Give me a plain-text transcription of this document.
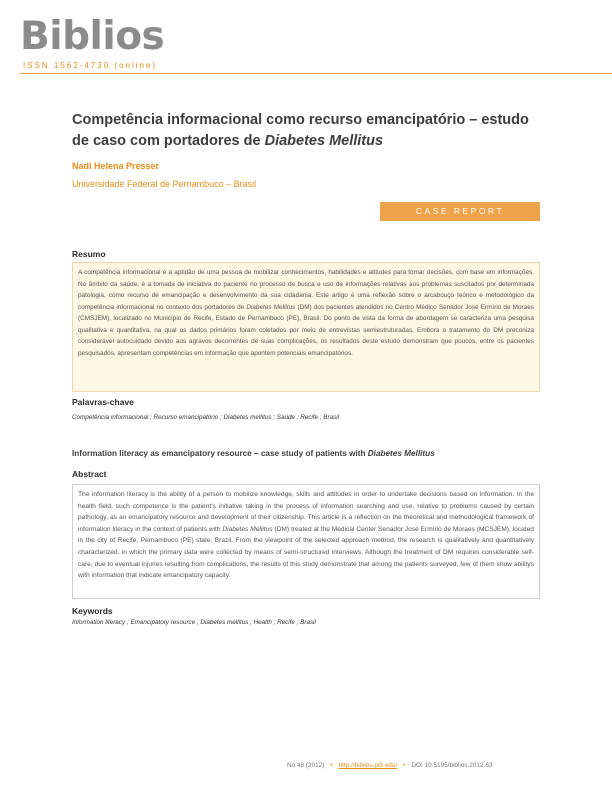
Biblios
ISSN 1562-4730 (online)
Competência informacional como recurso emancipatório – estudo de caso com portadores de Diabetes Mellitus
Nadi Helena Presser
Universidade Federal de Pernambuco – Brasil
CASE REPORT
Resumo
A competência informacional é a aptidão de uma pessoa de mobilizar conhecimentos, habilidades e atitudes para tomar decisões, com base em informações. No âmbito da saúde, é a tomada de iniciativa do paciente no processo de busca e uso de informações relativas aos problemas suscitados por determinada patologia, como recurso de emancipação e desenvolvimento da sua cidadania. Este artigo é uma reflexão sobre o arcabouço teórico e metodológico da competência informacional no contexto dos portadores de Diabetes Mellitus (DM) dos pacientes atendidos no Centro Médico Senador José Ermírio de Moraes (CMSJEM), localizado no Município de Recife, Estado de Pernambuco (PE), Brasil. Do ponto de vista da forma de abordagem se caracteriza uma pesquisa qualitativa e quantitativa, na qual os dados primários foram coletados por meio de entrevistas semiestruturadas. Embora o tratamento do DM preconiza considerável autocuidado devido aos agravos decorrentes de suas complicações, os resultados deste estudo demonstram que poucos, entre os pacientes pesquisados, apresentam competências em informação que apontem potenciais emancipatórios.
Palavras-chave
Competência informacional ; Recurso emancipatório ; Diabetes mellitus ; Saúde ; Recife ; Brasil
Information literacy as emancipatory resource – case study of patients with Diabetes Mellitus
Abstract
The information literacy is the ability of a person to mobilize knowledge, skills and attitudes in order to undertake decisions based on information. In the health field, such competence is the patient's initiative taking in the process of information searching and use, relative to problems caused by certain pathology, as an emancipatory resource and development of their citizenship. This article is a reflection on the theoretical and methodological framework of information literacy in the context of patients with Diabetes Mellitus (DM) treated at the Medical Center Senador José Ermírio de Moraes (MCSJEM), located in the city of Recife, Pernambuco (PE) state, Brazil. From the viewpoint of the selected approach method, the research is qualitatively and quantitatively characterized, in which the primary data were collected by means of semi-structured interviews. Although the treatment of DM requires considerable self-care, due to eventual injuries resulting from complications, the results of this study demonstrate that among the patients surveyed, few of them show abilitys with information that indicate emancipatory capacity.
Keywords
Information literacy ; Emancipatory resource ; Diabetes mellitus ; Health ; Recife ; Brasil
No 48 (2012) • http://biblios.pitt.edu/ • DOI 10.5195/biblios.2012.63
